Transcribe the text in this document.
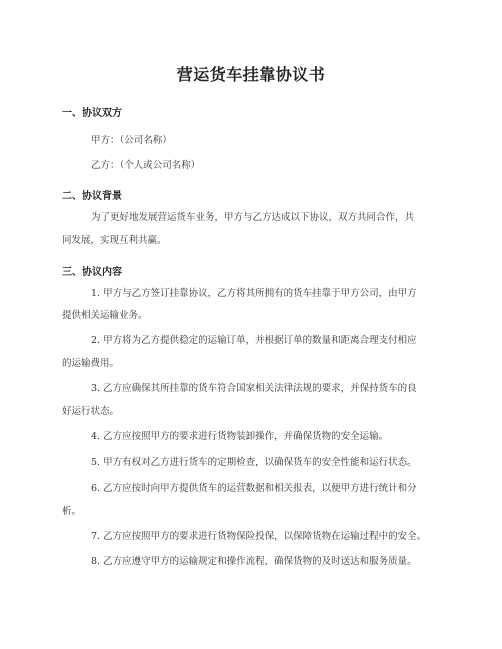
营运货车挂靠协议书
一、协议双方
甲方：（公司名称）
乙方：（个人或公司名称）
二、协议背景
为了更好地发展营运货车业务，甲方与乙方达成以下协议，双方共同合作，共
同发展，实现互利共赢。
三、协议内容
1. 甲方与乙方签订挂靠协议，乙方将其所拥有的货车挂靠于甲方公司，由甲方
提供相关运输业务。
2. 甲方将为乙方提供稳定的运输订单，并根据订单的数量和距离合理支付相应
的运输费用。
3. 乙方应确保其所挂靠的货车符合国家相关法律法规的要求，并保持货车的良
好运行状态。
4. 乙方应按照甲方的要求进行货物装卸操作，并确保货物的安全运输。
5. 甲方有权对乙方进行货车的定期检查，以确保货车的安全性能和运行状态。
6. 乙方应按时向甲方提供货车的运营数据和相关报表，以便甲方进行统计和分
析。
7. 乙方应按照甲方的要求进行货物保险投保，以保障货物在运输过程中的安全。
8. 乙方应遵守甲方的运输规定和操作流程，确保货物的及时送达和服务质量。
